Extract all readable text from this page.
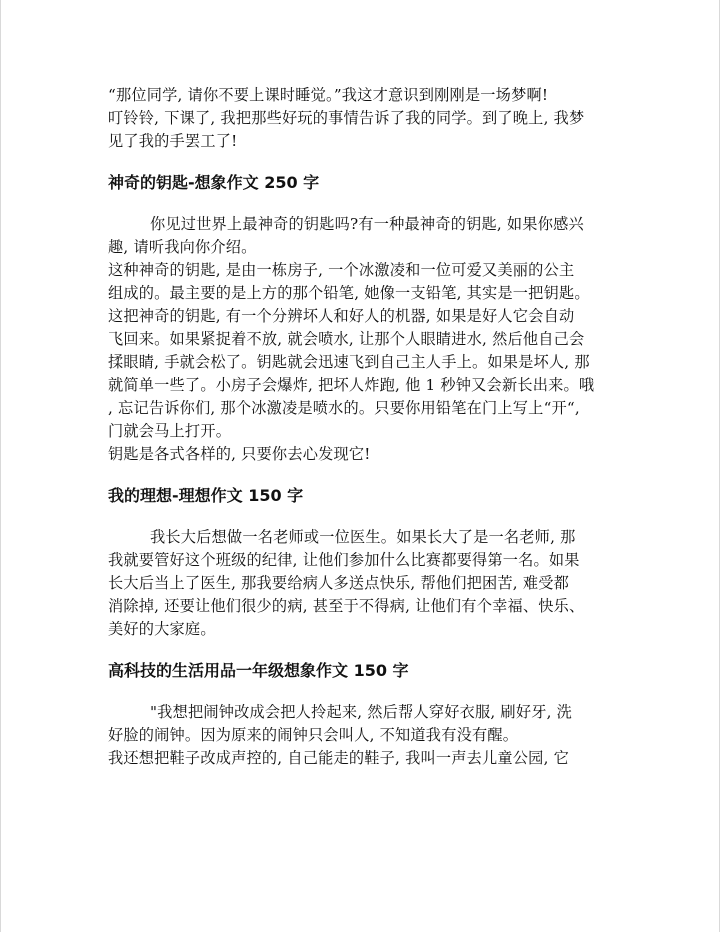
“那位同学, 请你不要上课时睡觉。”我这才意识到刚刚是一场梦啊!

叮铃铃, 下课了, 我把那些好玩的事情告诉了我的同学。到了晚上, 我梦

见了我的手罢工了!

神奇的钥匙-想象作文 250 字

你见过世界上最神奇的钥匙吗?有一种最神奇的钥匙, 如果你感兴

趣, 请听我向你介绍。

这种神奇的钥匙, 是由一栋房子, 一个冰激凌和一位可爱又美丽的公主

组成的。最主要的是上方的那个铅笔, 她像一支铅笔, 其实是一把钥匙。

这把神奇的钥匙, 有一个分辨坏人和好人的机器, 如果是好人它会自动

飞回来。如果紧捉着不放, 就会喷水, 让那个人眼睛进水, 然后他自己会

揉眼睛, 手就会松了。钥匙就会迅速飞到自己主人手上。如果是坏人, 那

就简单一些了。小房子会爆炸, 把坏人炸跑, 他 1 秒钟又会新长出来。哦

, 忘记告诉你们, 那个冰激凌是喷水的。只要你用铅笔在门上写上“开“,

门就会马上打开。

钥匙是各式各样的, 只要你去心发现它!

我的理想-理想作文 150 字

我长大后想做一名老师或一位医生。如果长大了是一名老师, 那

我就要管好这个班级的纪律, 让他们参加什么比赛都要得第一名。如果

长大后当上了医生, 那我要给病人多送点快乐, 帮他们把困苦, 难受都

消除掉, 还要让他们很少的病, 甚至于不得病, 让他们有个幸福、快乐、

美好的大家庭。

高科技的生活用品一年级想象作文 150 字

"我想把闹钟改成会把人拎起来, 然后帮人穿好衣服, 刷好牙, 洗

好脸的闹钟。因为原来的闹钟只会叫人, 不知道我有没有醒。

我还想把鞋子改成声控的, 自己能走的鞋子, 我叫一声去儿童公园, 它
